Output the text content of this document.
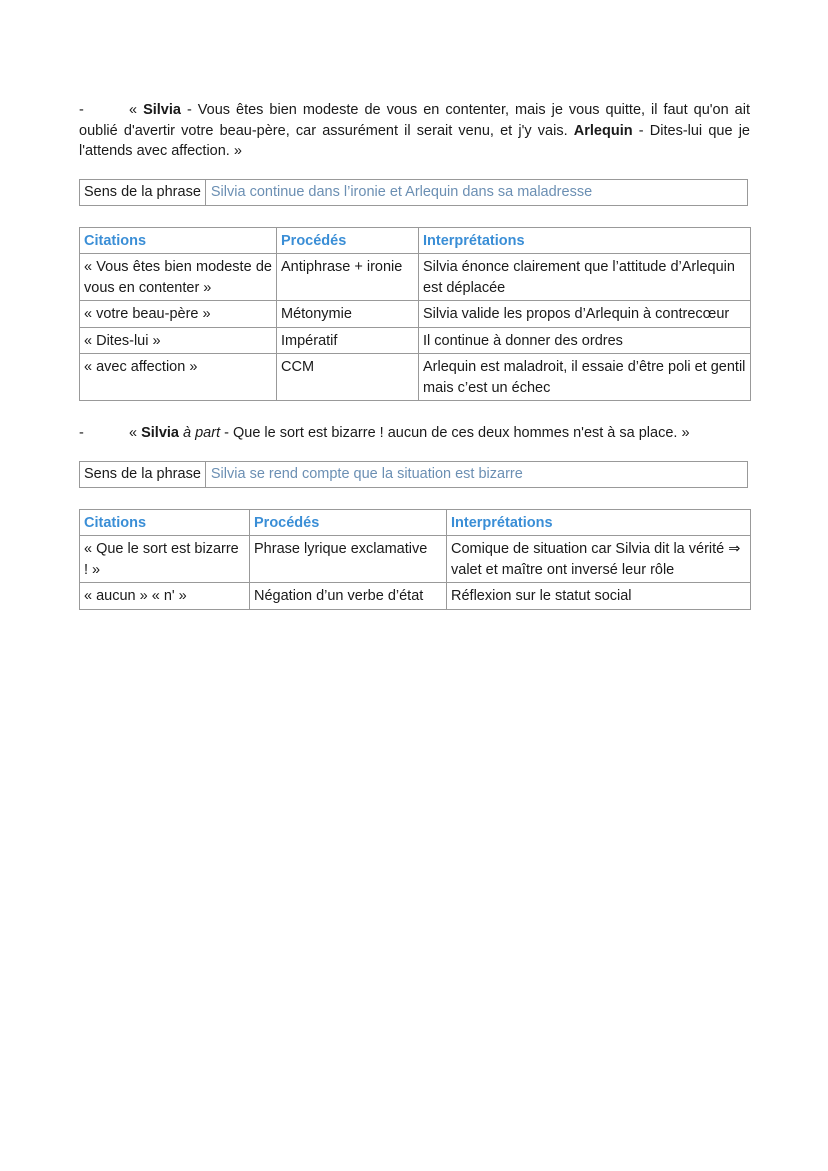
-	« Silvia - Vous êtes bien modeste de vous en contenter, mais je vous quitte, il faut qu'on ait oublié d'avertir votre beau-père, car assurément il serait venu, et j'y vais. Arlequin - Dites-lui que je l'attends avec affection. »

Sens de la phrase Silvia continue dans l’ironie et Arlequin dans sa maladresse
Citations	Procédés	Interprétations
« Vous êtes bien modeste de vous en contenter »	Antiphrase + ironie	Silvia énonce clairement que l’attitude d’Arlequin est déplacée
« votre beau-père »	Métonymie	Silvia valide les propos d’Arlequin à contrecœur
« Dites-lui »	Impératif	Il continue à donner des ordres
« avec affection »	CCM	Arlequin est maladroit, il essaie d’être poli et gentil mais c’est un échec

-	« Silvia à part - Que le sort est bizarre ! aucun de ces deux hommes n'est à sa place. »

Sens de la phrase Silvia se rend compte que la situation est bizarre
Citations	Procédés	Interprétations
« Que le sort est bizarre ! »	Phrase lyrique exclamative	Comique de situation car Silvia dit la vérité ⇒ valet et maître ont inversé leur rôle
« aucun » « n' »	Négation d’un verbe d’état	Réflexion sur le statut social
